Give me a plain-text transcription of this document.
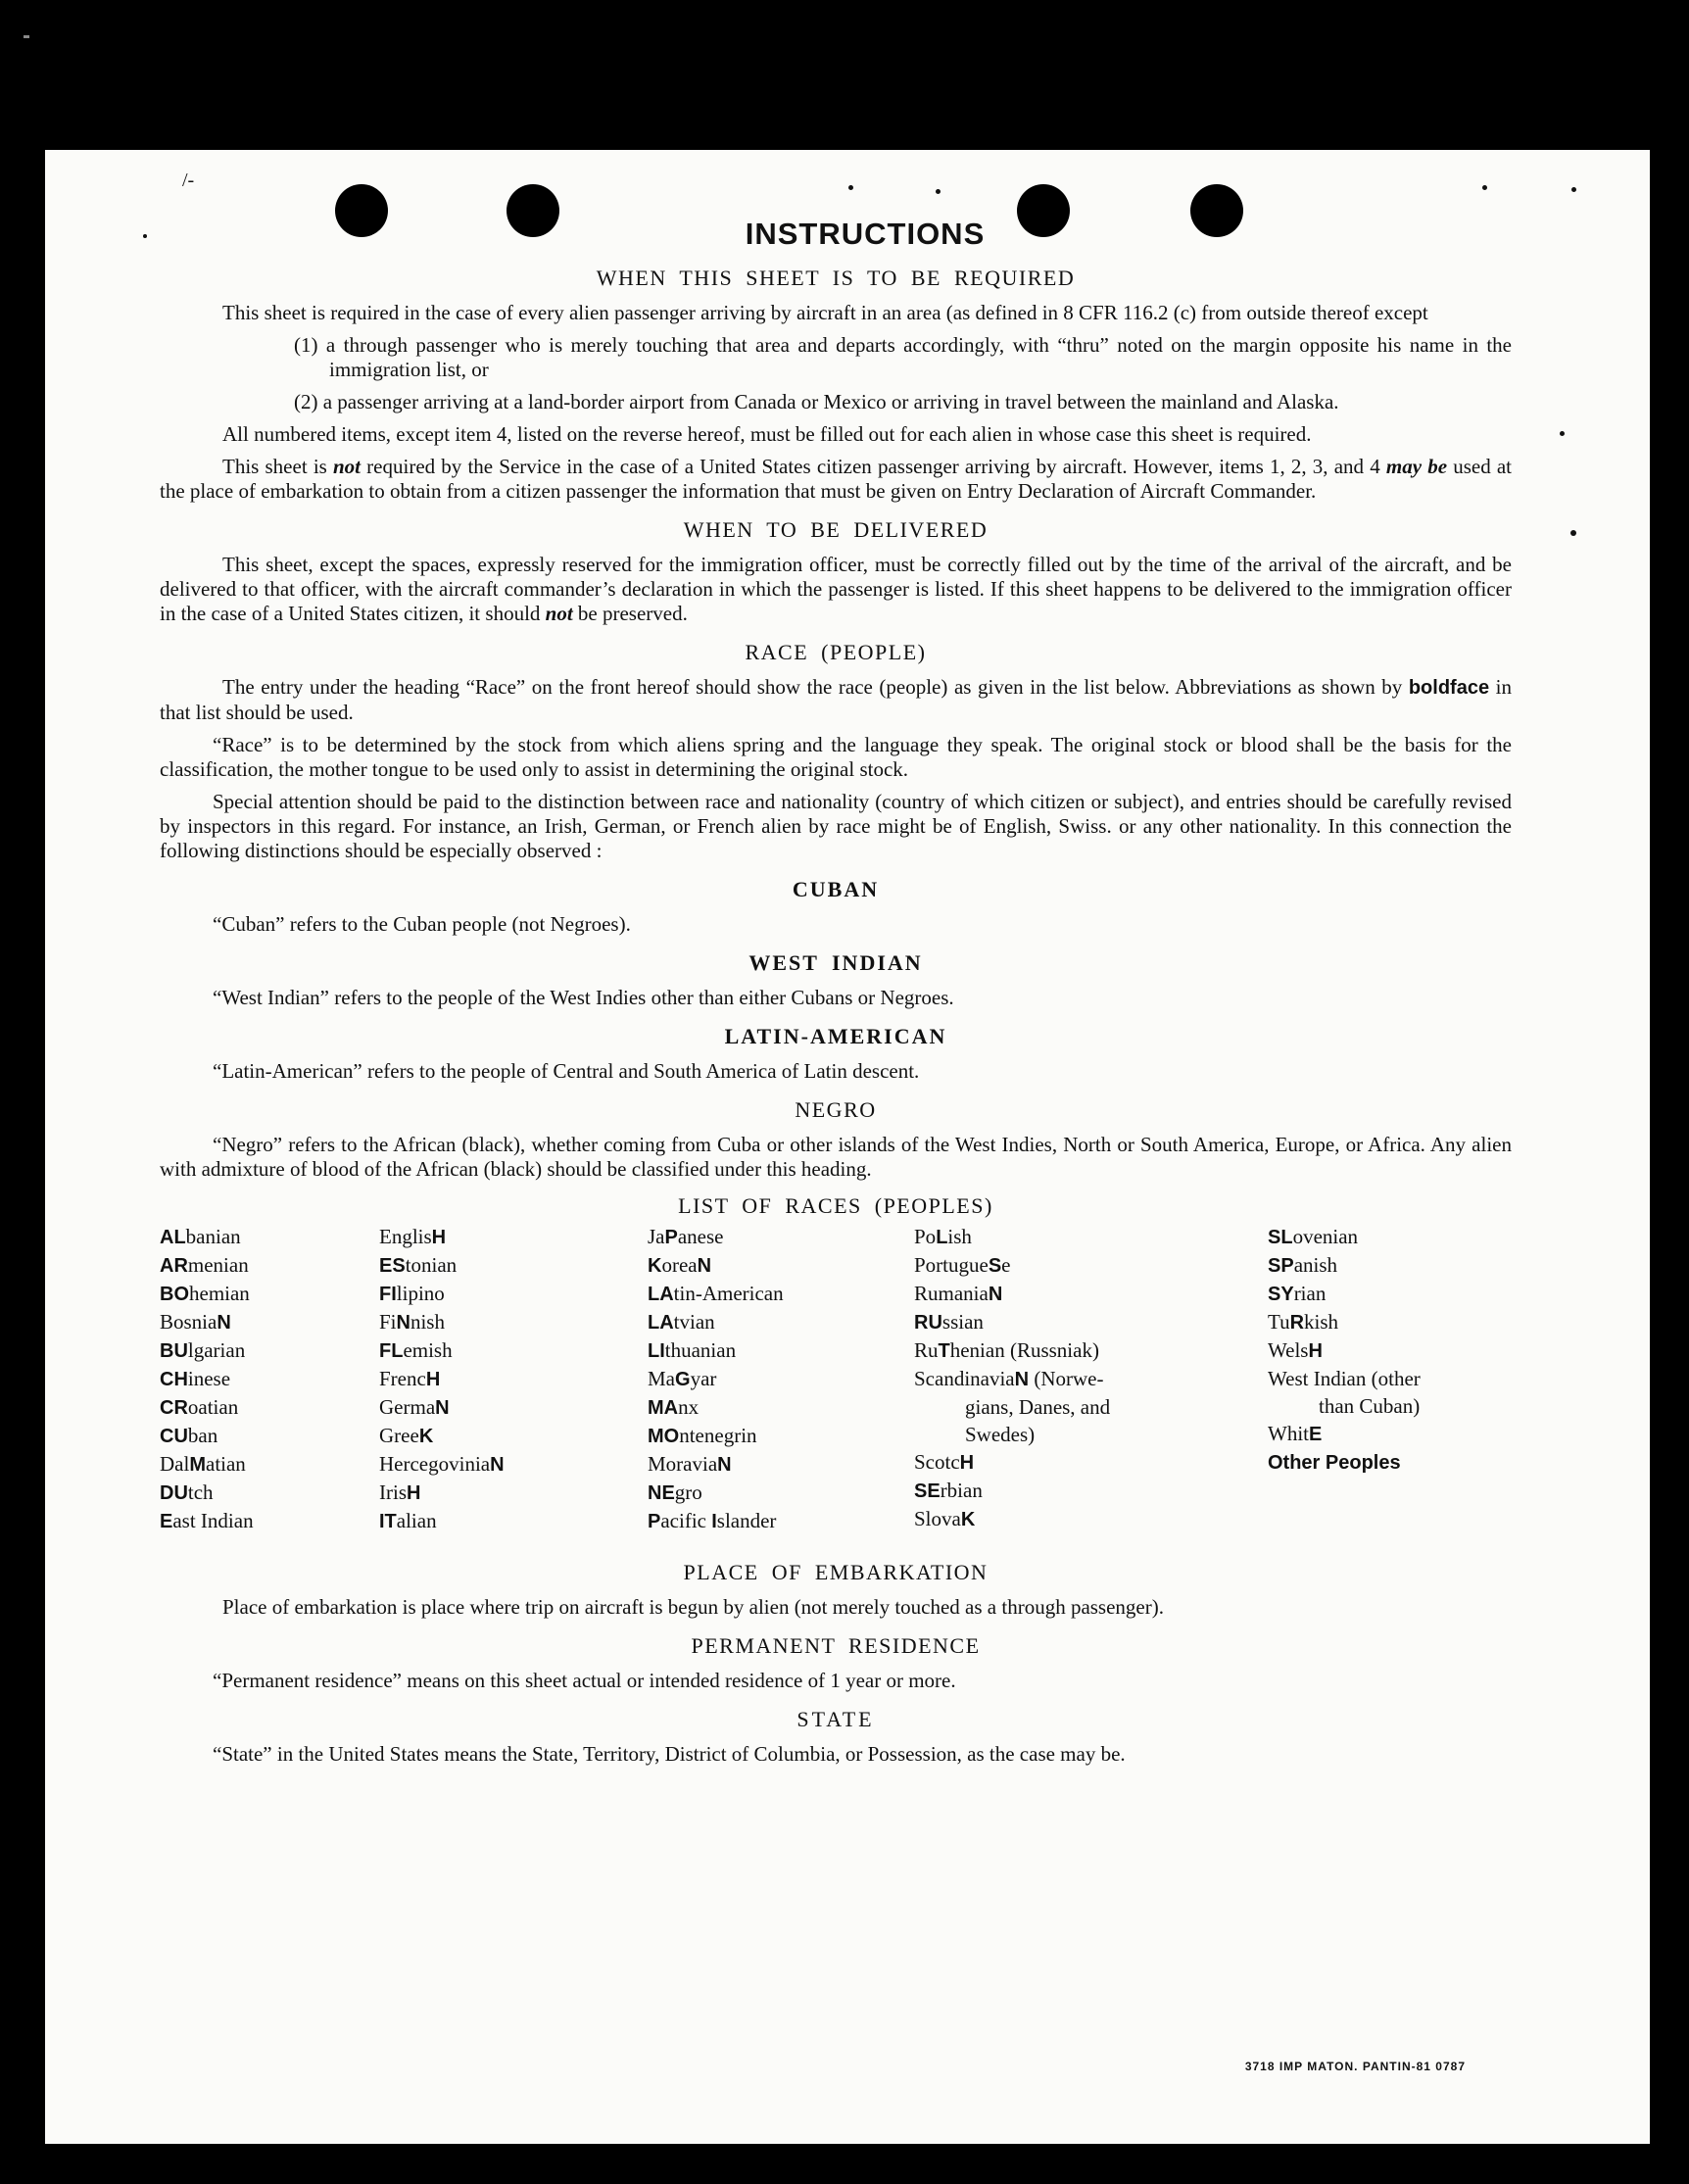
/-
INSTRUCTIONS
WHEN THIS SHEET IS TO BE REQUIRED

This sheet is required in the case of every alien passenger arriving by aircraft in an area (as defined in 8 CFR 116.2 (c) from outside thereof except

(1) a through passenger who is merely touching that area and departs accordingly, with “thru” noted on the margin opposite his name in the immigration list, or
(2) a passenger arriving at a land-border airport from Canada or Mexico or arriving in travel between the mainland and Alaska.

All numbered items, except item 4, listed on the reverse hereof, must be filled out for each alien in whose case this sheet is required.

This sheet is not required by the Service in the case of a United States citizen passenger arriving by aircraft. However, items 1, 2, 3, and 4 may be used at the place of embarkation to obtain from a citizen passenger the information that must be given on Entry Declaration of Aircraft Commander.

WHEN TO BE DELIVERED

This sheet, except the spaces, expressly reserved for the immigration officer, must be correctly filled out by the time of the arrival of the aircraft, and be delivered to that officer, with the aircraft commander’s declaration in which the passenger is listed. If this sheet happens to be delivered to the immigration officer in the case of a United States citizen, it should not be preserved.

RACE (PEOPLE)

The entry under the heading “Race” on the front hereof should show the race (people) as given in the list below. Abbreviations as shown by boldface in that list should be used.

“Race” is to be determined by the stock from which aliens spring and the language they speak. The original stock or blood shall be the basis for the classification, the mother tongue to be used only to assist in determining the original stock.

Special attention should be paid to the distinction between race and nationality (country of which citizen or subject), and entries should be carefully revised by inspectors in this regard. For instance, an Irish, German, or French alien by race might be of English, Swiss. or any other nationality. In this connection the following distinctions should be especially observed :

CUBAN

“Cuban” refers to the Cuban people (not Negroes).

WEST INDIAN

“West Indian” refers to the people of the West Indies other than either Cubans or Negroes.

LATIN-AMERICAN

“Latin-American” refers to the people of Central and South America of Latin descent.

NEGRO

“Negro” refers to the African (black), whether coming from Cuba or other islands of the West Indies, North or South America, Europe, or Africa. Any alien with admixture of blood of the African (black) should be classified under this heading.

LIST OF RACES (PEOPLES)
ALbanian
ARmenian
BOhemian
BosniaN
BUlgarian
CHinese
CRoatian
CUban
DalMatian
DUtch
East Indian
EnglisH
EStonian
FIlipino
FiNnish
FLemish
FrencH
GermaN
GreeK
HercegoviniaN
IrisH
ITalian
JaPanese
KoreaN
LAtin-American
LAtvian
LIthuanian
MaGyar
MAnx
MOntenegrin
MoraviaN
NEgro
Pacific Islander
PoLish
PortugueSe
RumaniaN
RUssian
RuThenian (Russniak)
ScandinaviaN (Norwe-
gians, Danes, and
Swedes)
ScotcH
SErbian
SlovaK
SLovenian
SPanish
SYrian
TuRkish
WelsH
West Indian (other
than Cuban)
WhitE
Other Peoples
PLACE OF EMBARKATION

Place of embarkation is place where trip on aircraft is begun by alien (not merely touched as a through passenger).

PERMANENT RESIDENCE

“Permanent residence” means on this sheet actual or intended residence of 1 year or more.

STATE

“State” in the United States means the State, Territory, District of Columbia, or Possession, as the case may be.

3718 IMP MATON. PANTIN-81 0787
